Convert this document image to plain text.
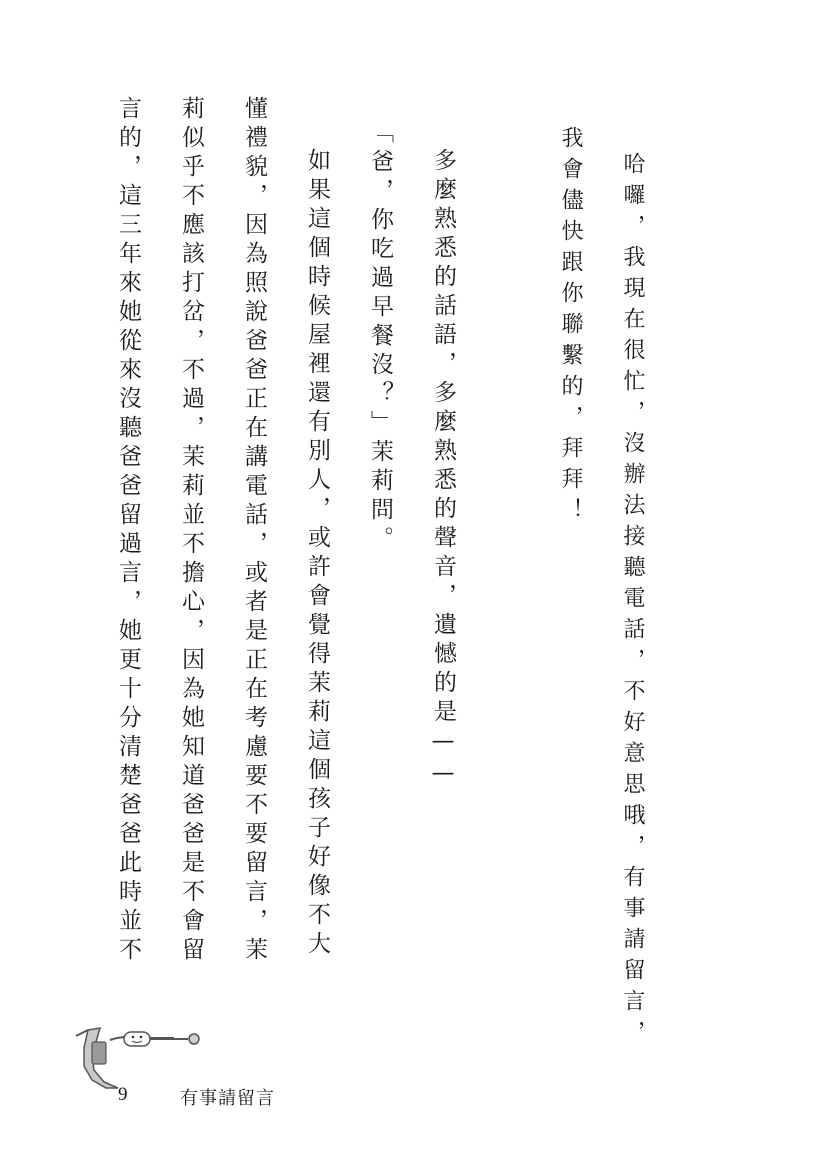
哈囉，我現在很忙，沒辦法接聽電話，不好意思哦，有事請留言，
我會儘快跟你聯繫的，拜拜！
多麼熟悉的話語，多麼熟悉的聲音，遺憾的是——
「爸，你吃過早餐沒？」茉莉問。
如果這個時候屋裡還有別人，或許會覺得茉莉這個孩子好像不大
懂禮貌，因為照說爸爸正在講電話，或者是正在考慮要不要留言，茉
莉似乎不應該打岔，不過，茉莉並不擔心，因為她知道爸爸是不會留
言的，這三年來她從來沒聽爸爸留過言，她更十分清楚爸爸此時並不
9	有事請留言
